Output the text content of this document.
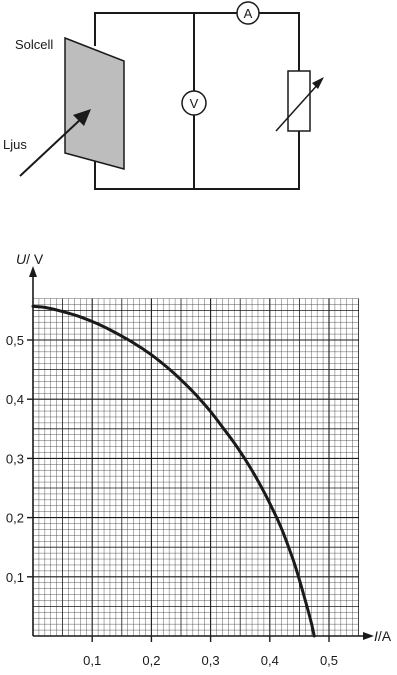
A
V
Solcell
Ljus
0,1	0,2	0,3	0,4	0,5
0,1
0,2
0,3
0,4
0,5
U/ V
I/A
